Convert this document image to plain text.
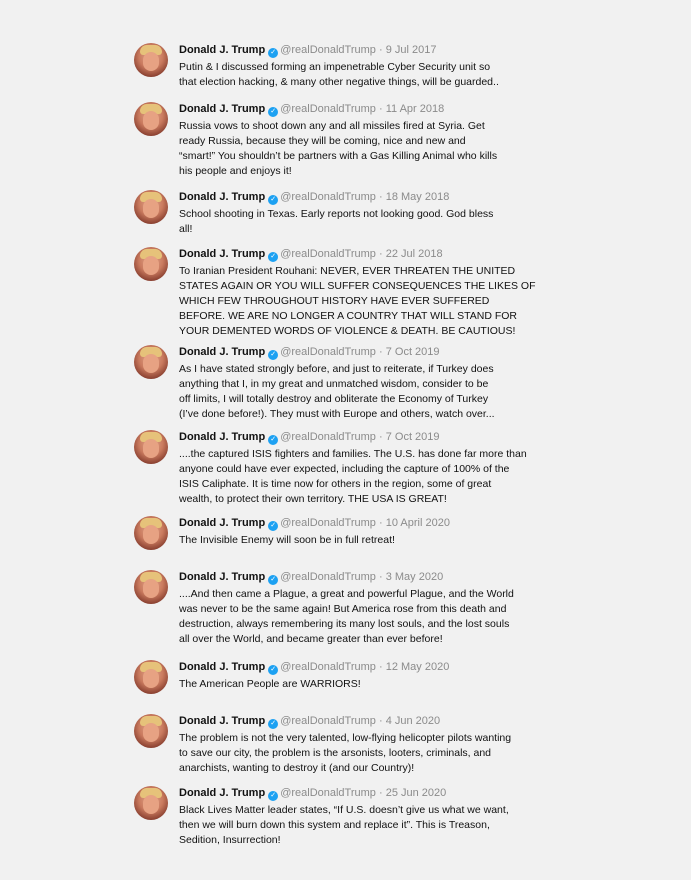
Donald J. Trump ✓ @realDonaldTrump · 9 Jul 2017
Putin & I discussed forming an impenetrable Cyber Security unit so
that election hacking, & many other negative things, will be guarded..
Donald J. Trump ✓ @realDonaldTrump · 11 Apr 2018
Russia vows to shoot down any and all missiles fired at Syria. Get
ready Russia, because they will be coming, nice and new and
“smart!” You shouldn’t be partners with a Gas Killing Animal who kills
his people and enjoys it!
Donald J. Trump ✓ @realDonaldTrump · 18 May 2018
School shooting in Texas. Early reports not looking good. God bless
all!
Donald J. Trump ✓ @realDonaldTrump · 22 Jul 2018
To Iranian President Rouhani: NEVER, EVER THREATEN THE UNITED
STATES AGAIN OR YOU WILL SUFFER CONSEQUENCES THE LIKES OF
WHICH FEW THROUGHOUT HISTORY HAVE EVER SUFFERED
BEFORE. WE ARE NO LONGER A COUNTRY THAT WILL STAND FOR
YOUR DEMENTED WORDS OF VIOLENCE & DEATH. BE CAUTIOUS!
Donald J. Trump ✓ @realDonaldTrump · 7 Oct 2019
As I have stated strongly before, and just to reiterate, if Turkey does
anything that I, in my great and unmatched wisdom, consider to be
off limits, I will totally destroy and obliterate the Economy of Turkey
(I’ve done before!). They must with Europe and others, watch over...
Donald J. Trump ✓ @realDonaldTrump · 7 Oct 2019
....the captured ISIS fighters and families. The U.S. has done far more than
anyone could have ever expected, including the capture of 100% of the
ISIS Caliphate. It is time now for others in the region, some of great
wealth, to protect their own territory. THE USA IS GREAT!
Donald J. Trump ✓ @realDonaldTrump · 10 April 2020
The Invisible Enemy will soon be in full retreat!
Donald J. Trump ✓ @realDonaldTrump · 3 May 2020
....And then came a Plague, a great and powerful Plague, and the World
was never to be the same again! But America rose from this death and
destruction, always remembering its many lost souls, and the lost souls
all over the World, and became greater than ever before!
Donald J. Trump ✓ @realDonaldTrump · 12 May 2020
The American People are WARRIORS!
Donald J. Trump ✓ @realDonaldTrump · 4 Jun 2020
The problem is not the very talented, low-flying helicopter pilots wanting
to save our city, the problem is the arsonists, looters, criminals, and
anarchists, wanting to destroy it (and our Country)!
Donald J. Trump ✓ @realDonaldTrump · 25 Jun 2020
Black Lives Matter leader states, “If U.S. doesn’t give us what we want,
then we will burn down this system and replace it”. This is Treason,
Sedition, Insurrection!
